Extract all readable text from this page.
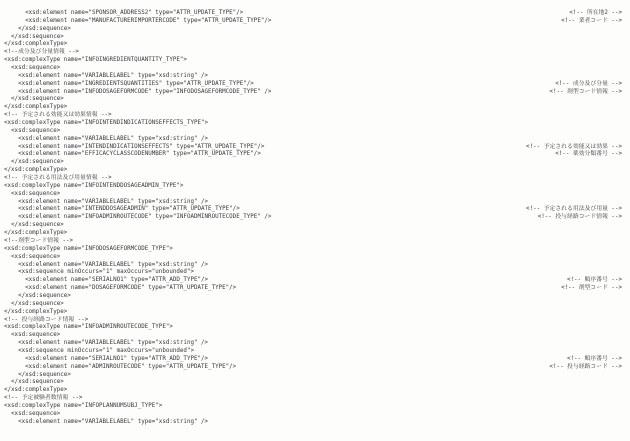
<xsd:element name="SPONSOR_ADDRESS2" type="ATTR_UPDATE_TYPE"/>	<!-- 所在地2 -->
<xsd:element name="MANUFACTURERIMPORTERCODE" type="ATTR_UPDATE_TYPE"/>	<!-- 業者コード -->
</xsd:sequence>
</xsd:sequence>
</xsd:complexType>
<!--成分及び分量情報 -->
<xsd:complexType name="INFOINGREDIENTQUANTITY_TYPE">
<xsd:sequence>
<xsd:element name="VARIABLELABEL" type="xsd:string" />
<xsd:element name="INGREDIENTSQUANTITIES" type="ATTR_UPDATE_TYPE"/>	<!-- 成分及び分量 -->
<xsd:element name="INFODOSAGEFORMCODE" type="INFODOSAGEFORMCODE_TYPE" />	<!-- 剤型コード情報 -->
</xsd:sequence>
</xsd:complexType>
<!-- 予定される効能又は効果情報 -->
<xsd:complexType name="INFOINTENDINDICATIONSEFFECTS_TYPE">
<xsd:sequence>
<xsd:element name="VARIABLELABEL" type="xsd:string" />
<xsd:element name="INTENDINDICATIONSEFFECTS" type="ATTR_UPDATE_TYPE"/>	<!-- 予定される効能又は効果 -->
<xsd:element name="EFFICACYCLASSCODENUMBER" type="ATTR_UPDATE_TYPE"/>	<!-- 薬効分類番号 -->
</xsd:sequence>
</xsd:complexType>
<!-- 予定される用法及び用量情報 -->
<xsd:complexType name="INFOINTENDDOSAGEADMIN_TYPE">
<xsd:sequence>
<xsd:element name="VARIABLELABEL" type="xsd:string" />
<xsd:element name="INTENDDOSAGEADMIN" type="ATTR_UPDATE_TYPE"/>	<!-- 予定される用法及び用量 -->
<xsd:element name="INFOADMINROUTECODE" type="INFOADMINROUTECODE_TYPE" />	<!-- 投与経路コード情報 -->
</xsd:sequence>
</xsd:complexType>
<!--剤型コード情報 -->
<xsd:complexType name="INFODOSAGEFORMCODE_TYPE">
<xsd:sequence>
<xsd:element name="VARIABLELABEL" type="xsd:string" />
<xsd:sequence minOccurs="1" maxOccurs="unbounded">
<xsd:element name="SERIALNO1" type="ATTR_ADD_TYPE"/>	<!-- 順序番号 -->
<xsd:element name="DOSAGEFORMCODE" type="ATTR_UPDATE_TYPE"/>	<!-- 剤型コード -->
</xsd:sequence>
</xsd:sequence>
</xsd:complexType>
<!-- 投与経路コード情報 -->
<xsd:complexType name="INFOADMINROUTECODE_TYPE">
<xsd:sequence>
<xsd:element name="VARIABLELABEL" type="xsd:string" />
<xsd:sequence minOccurs="1" maxOccurs="unbounded">
<xsd:element name="SERIALNO1" type="ATTR_ADD_TYPE"/>	<!-- 順序番号 -->
<xsd:element name="ADMINROUTECODE" type="ATTR_UPDATE_TYPE"/>	<!-- 投与経路コード -->
</xsd:sequence>
</xsd:sequence>
</xsd:complexType>
<!-- 予定被験者数情報 -->
<xsd:complexType name="INFOPLANNUMSUBJ_TYPE">
<xsd:sequence>
<xsd:element name="VARIABLELABEL" type="xsd:string" />
